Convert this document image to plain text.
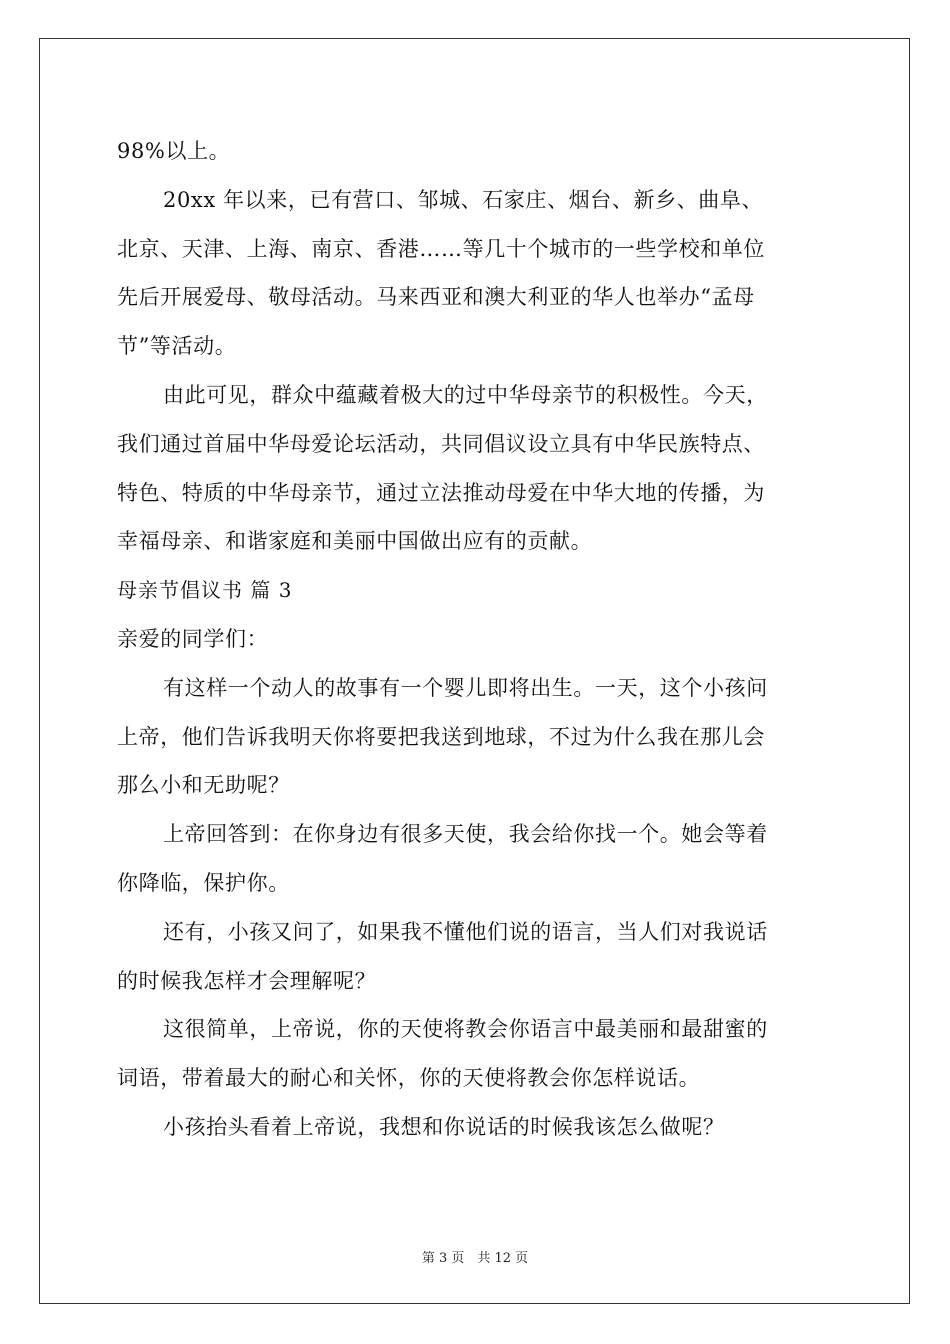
98%以上。
20xx 年以来，已有营口、邹城、石家庄、烟台、新乡、曲阜、
北京、天津、上海、南京、香港……等几十个城市的一些学校和单位
先后开展爱母、敬母活动。马来西亚和澳大利亚的华人也举办“孟母
节”等活动。
由此可见，群众中蕴藏着极大的过中华母亲节的积极性。今天，
我们通过首届中华母爱论坛活动，共同倡议设立具有中华民族特点、
特色、特质的中华母亲节，通过立法推动母爱在中华大地的传播，为
幸福母亲、和谐家庭和美丽中国做出应有的贡献。
母亲节倡议书 篇 3
亲爱的同学们：
有这样一个动人的故事有一个婴儿即将出生。一天，这个小孩问
上帝，他们告诉我明天你将要把我送到地球，不过为什么我在那儿会
那么小和无助呢？
上帝回答到：在你身边有很多天使，我会给你找一个。她会等着
你降临，保护你。
还有，小孩又问了，如果我不懂他们说的语言，当人们对我说话
的时候我怎样才会理解呢？
这很简单，上帝说，你的天使将教会你语言中最美丽和最甜蜜的
词语，带着最大的耐心和关怀，你的天使将教会你怎样说话。
小孩抬头看着上帝说，我想和你说话的时候我该怎么做呢？
第 3 页　共 12 页
